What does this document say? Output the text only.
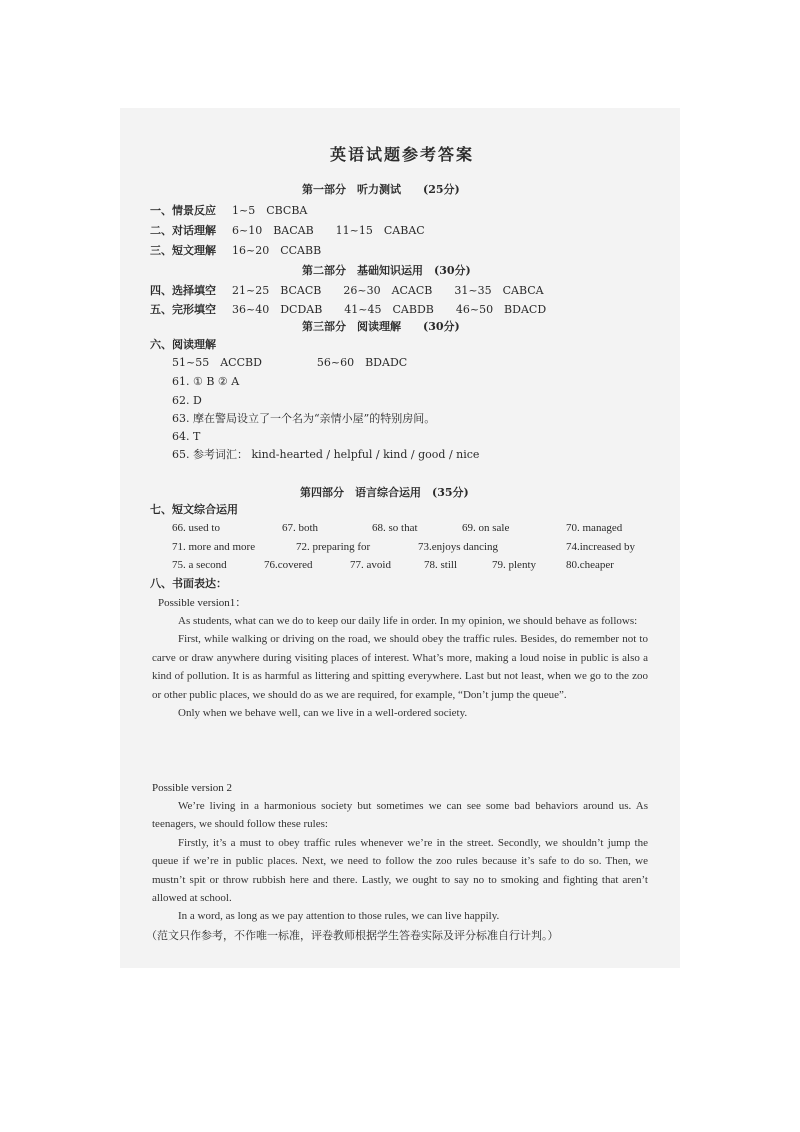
英语试题参考答案
第一部分　听力测试　　(25分)
一、情景反应 1~5　CBCBA
二、对话理解 6~10　BACAB　　11~15　CABAC
三、短文理解 16~20　CCABB
第二部分　基础知识运用　(30分)
四、选择填空 21~25　BCACB　　26~30　ACACB　　31~35　CABCA
五、完形填空 36~40　DCDAB　　41~45　CABDB　　46~50　BDACD
第三部分　阅读理解　　(30分)
六、阅读理解
51~55　ACCBD　　　　　56~60　BDADC
61. ① B ② A
62. D
63. 摩在警局设立了一个名为“亲情小屋”的特别房间。
64. T
65. 参考词汇： kind-hearted / helpful / kind / good / nice
第四部分　语言综合运用　(35分)
七、短文综合运用
66. used to	67. both	68. so that	69. on sale	70. managed
71. more and more	72. preparing for	73.enjoys dancing	74.increased by
75. a second	76.covered	77. avoid	78. still	79. plenty	80.cheaper
八、书面表达：
Possible version1：

As students, what can we do to keep our daily life in order. In my opinion, we should behave as follows:

First, while walking or driving on the road, we should obey the traffic rules. Besides, do remember not to carve or draw anywhere during visiting places of interest. What’s more, making a loud noise in public is also a kind of pollution. It is as harmful as littering and spitting everywhere. Last but not least, when we go to the zoo or other public places, we should do as we are required, for example, “Don’t jump the queue”.

Only when we behave well, can we live in a well-ordered society.

Possible version 2

We’re living in a harmonious society but sometimes we can see some bad behaviors around us. As teenagers, we should follow these rules:

Firstly, it’s a must to obey traffic rules whenever we’re in the street. Secondly, we shouldn’t jump the queue if we’re in public places. Next, we need to follow the zoo rules because it’s safe to do so. Then, we mustn’t spit or throw rubbish here and there. Lastly, we ought to say no to smoking and fighting that aren’t allowed at school.

In a word, as long as we pay attention to those rules, we can live happily.

（范文只作参考，不作唯一标准，评卷教师根据学生答卷实际及评分标准自行计判。）
